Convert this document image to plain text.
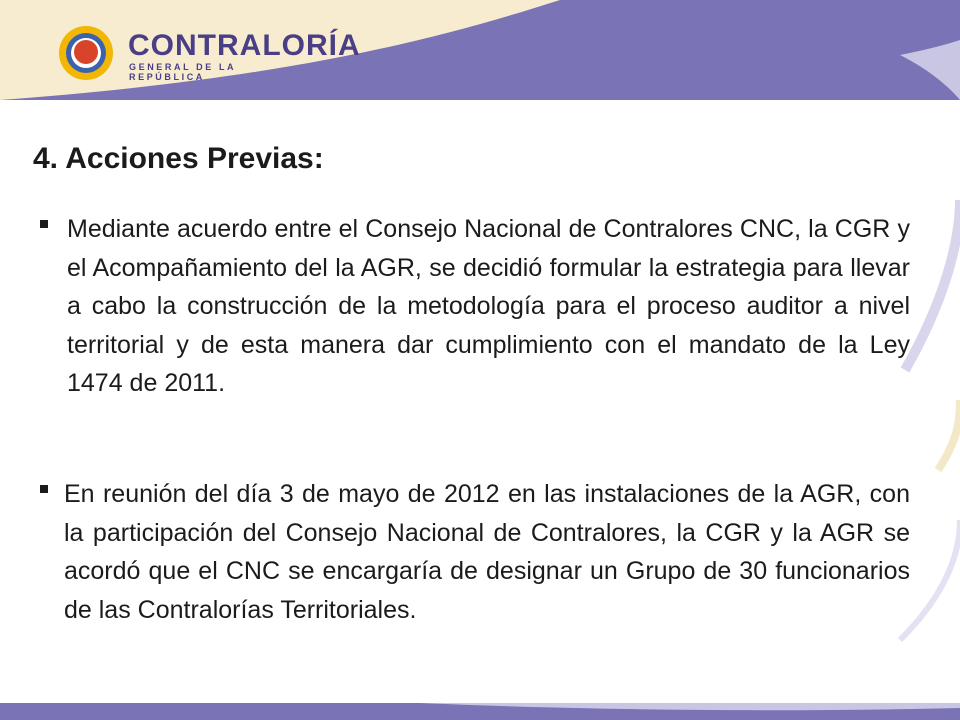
CONTRALORÍA
GENERAL DE LA REPÚBLICA
4. Acciones Previas:
Mediante acuerdo entre el Consejo Nacional de Contralores CNC, la CGR y el Acompañamiento del la AGR, se decidió formular la estrategia para llevar a cabo la construcción de la metodología para el proceso auditor a nivel territorial y de esta manera dar cumplimiento con el mandato de la Ley 1474 de 2011.
En reunión del día 3 de mayo de 2012 en las instalaciones de la AGR, con la participación del Consejo Nacional de Contralores, la CGR y la AGR se acordó que el CNC se encargaría de designar un Grupo de 30 funcionarios de las Contralorías Territoriales.
